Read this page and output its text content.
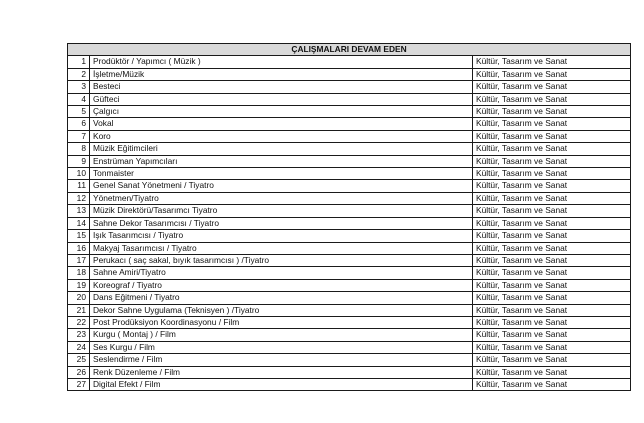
ÇALIŞMALARI DEVAM EDEN		
1	Prodüktör / Yapımcı ( Müzik )	Kültür, Tasarım ve Sanat
2	İşletme/Müzik	Kültür, Tasarım ve Sanat
3	Besteci	Kültür, Tasarım ve Sanat
4	Güfteci	Kültür, Tasarım ve Sanat
5	Çalgıcı	Kültür, Tasarım ve Sanat
6	Vokal	Kültür, Tasarım ve Sanat
7	Koro	Kültür, Tasarım ve Sanat
8	Müzik Eğitimcileri	Kültür, Tasarım ve Sanat
9	Enstrüman Yapımcıları	Kültür, Tasarım ve Sanat
10	Tonmaister	Kültür, Tasarım ve Sanat
11	Genel Sanat Yönetmeni / Tiyatro	Kültür, Tasarım ve Sanat
12	Yönetmen/Tiyatro	Kültür, Tasarım ve Sanat
13	Müzik Direktörü/Tasarımcı Tiyatro	Kültür, Tasarım ve Sanat
14	Sahne Dekor Tasarımcısı / Tiyatro	Kültür, Tasarım ve Sanat
15	Işık Tasarımcısı / Tiyatro	Kültür, Tasarım ve Sanat
16	Makyaj Tasarımcısı / Tiyatro	Kültür, Tasarım ve Sanat
17	Perukacı ( saç sakal, bıyık tasarımcısı ) /Tiyatro	Kültür, Tasarım ve Sanat
18	Sahne Amiri/Tiyatro	Kültür, Tasarım ve Sanat
19	Koreograf / Tiyatro	Kültür, Tasarım ve Sanat
20	Dans Eğitmeni / Tiyatro	Kültür, Tasarım ve Sanat
21	Dekor Sahne Uygulama (Teknisyen ) /Tiyatro	Kültür, Tasarım ve Sanat
22	Post Prodüksiyon Koordinasyonu / Film	Kültür, Tasarım ve Sanat
23	Kurgu ( Montaj ) / Film	Kültür, Tasarım ve Sanat
24	Ses Kurgu / Film	Kültür, Tasarım ve Sanat
25	Seslendirme / Film	Kültür, Tasarım ve Sanat
26	Renk Düzenleme / Film	Kültür, Tasarım ve Sanat
27	Digital Efekt / Film	Kültür, Tasarım ve Sanat
